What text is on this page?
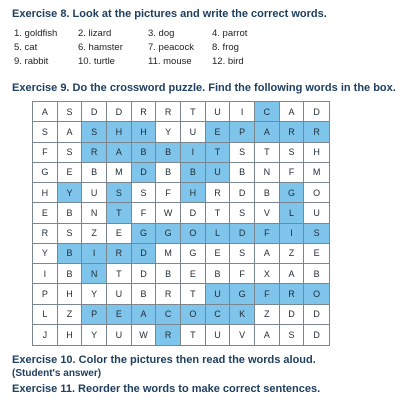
Exercise 8. Look at the pictures and write the correct words.
1. goldfish	2. lizard	3. dog	4. parrot
5. cat	6. hamster	7. peacock	8. frog
9. rabbit	10. turtle	11. mouse	12. bird
Exercise 9. Do the crossword puzzle. Find the following words in the box.
A	S	D	D	R	R	T	U	I	C	A	D
S	A	S	H	H	Y	U	E	P	A	R	R
F	S	R	A	B	B	I	T	S	T	S	H
G	E	B	M	D	B	B	U	B	N	F	M
H	Y	U	S	S	F	H	R	D	B	G	O
E	B	N	T	F	W	D	T	S	V	L	U
R	S	Z	E	G	G	O	L	D	F	I	S
Y	B	I	R	D	M	G	E	S	A	Z	E
I	B	N	T	D	B	E	B	F	X	A	B
P	H	Y	U	B	R	T	U	G	F	R	O
L	Z	P	E	A	C	O	C	K	Z	D	D
J	H	Y	U	W	R	T	U	V	A	S	D
Exercise 10. Color the pictures then read the words aloud.
(Student's answer)
Exercise 11. Reorder the words to make correct sentences.
